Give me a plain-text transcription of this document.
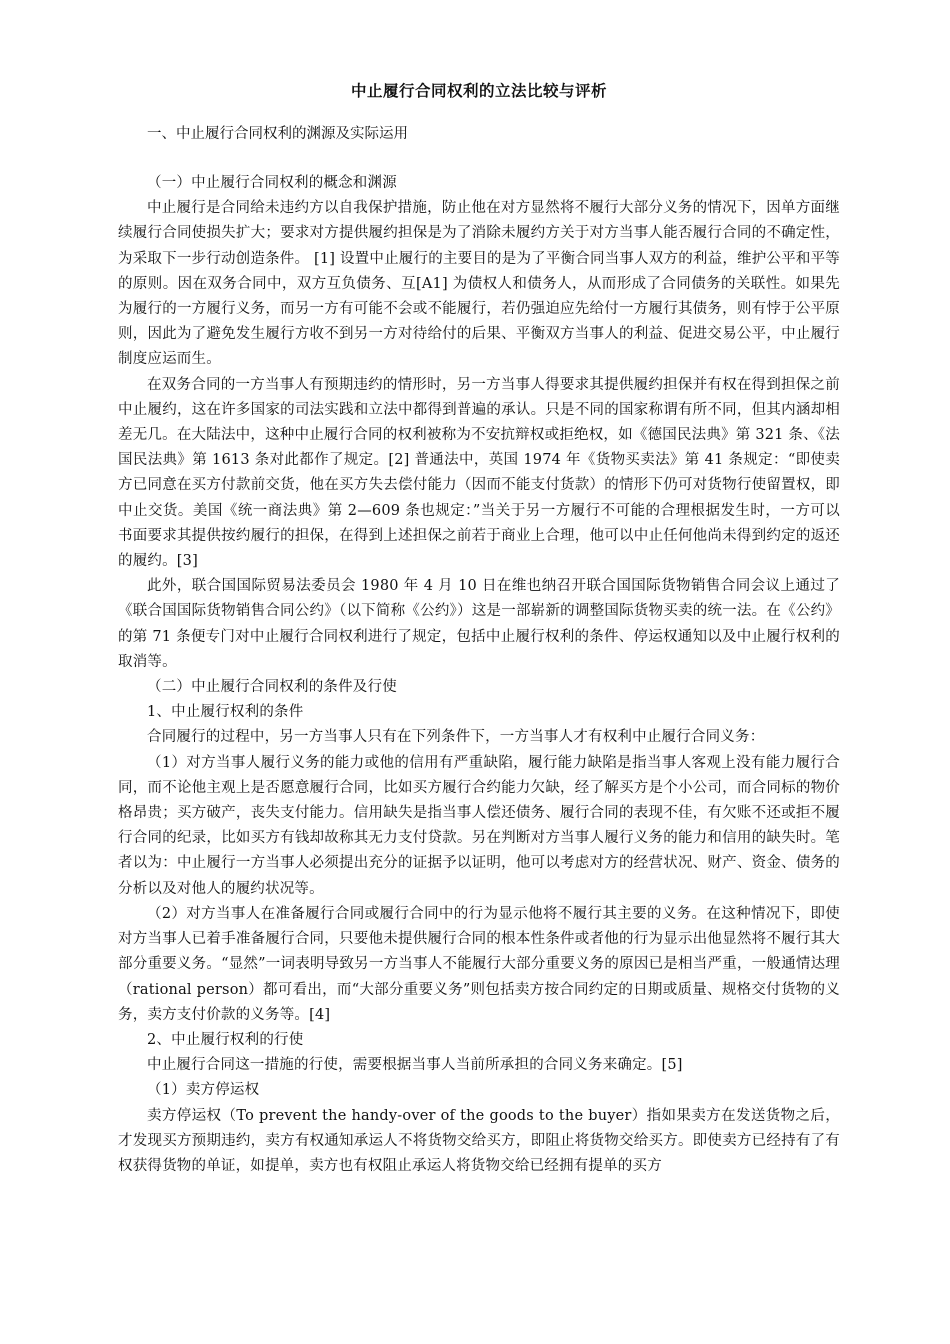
中止履行合同权利的立法比较与评析
一、中止履行合同权利的渊源及实际运用

（一）中止履行合同权利的概念和渊源

中止履行是合同给未违约方以自我保护措施，防止他在对方显然将不履行大部分义务的情况下，因单方面继续履行合同使损失扩大；要求对方提供履约担保是为了消除未履约方关于对方当事人能否履行合同的不确定性，为采取下一步行动创造条件。 [1] 设置中止履行的主要目的是为了平衡合同当事人双方的利益，维护公平和平等的原则。因在双务合同中，双方互负债务、互[A1] 为债权人和债务人，从而形成了合同债务的关联性。如果先为履行的一方履行义务，而另一方有可能不会或不能履行，若仍强迫应先给付一方履行其债务，则有悖于公平原则，因此为了避免发生履行方收不到另一方对待给付的后果、平衡双方当事人的利益、促进交易公平，中止履行制度应运而生。

在双务合同的一方当事人有预期违约的情形时，另一方当事人得要求其提供履约担保并有权在得到担保之前中止履约，这在许多国家的司法实践和立法中都得到普遍的承认。只是不同的国家称谓有所不同，但其内涵却相差无几。在大陆法中，这种中止履行合同的权利被称为不安抗辩权或拒绝权，如《德国民法典》第 321 条、《法国民法典》第 1613 条对此都作了规定。[2] 普通法中，英国 1974 年《货物买卖法》第 41 条规定：“即使卖方已同意在买方付款前交货，他在买方失去偿付能力（因而不能支付货款）的情形下仍可对货物行使留置权，即中止交货。美国《统一商法典》第 2—609 条也规定：”当关于另一方履行不可能的合理根据发生时，一方可以书面要求其提供按约履行的担保，在得到上述担保之前若于商业上合理，他可以中止任何他尚未得到约定的返还的履约。[3]

此外，联合国国际贸易法委员会 1980 年 4 月 10 日在维也纳召开联合国国际货物销售合同会议上通过了《联合国国际货物销售合同公约》（以下简称《公约》）这是一部崭新的调整国际货物买卖的统一法。在《公约》的第 71 条便专门对中止履行合同权利进行了规定，包括中止履行权利的条件、停运权通知以及中止履行权利的取消等。

（二）中止履行合同权利的条件及行使

1、中止履行权利的条件

合同履行的过程中，另一方当事人只有在下列条件下，一方当事人才有权利中止履行合同义务：

（1）对方当事人履行义务的能力或他的信用有严重缺陷，履行能力缺陷是指当事人客观上没有能力履行合同，而不论他主观上是否愿意履行合同，比如买方履行合约能力欠缺，经了解买方是个小公司，而合同标的物价格昂贵；买方破产，丧失支付能力。信用缺失是指当事人偿还债务、履行合同的表现不佳，有欠账不还或拒不履行合同的纪录，比如买方有钱却故称其无力支付贷款。另在判断对方当事人履行义务的能力和信用的缺失时。笔者以为：中止履行一方当事人必须提出充分的证据予以证明，他可以考虑对方的经营状况、财产、资金、债务的分析以及对他人的履约状况等。

（2）对方当事人在准备履行合同或履行合同中的行为显示他将不履行其主要的义务。在这种情况下，即使对方当事人已着手准备履行合同，只要他未提供履行合同的根本性条件或者他的行为显示出他显然将不履行其大部分重要义务。“显然”一词表明导致另一方当事人不能履行大部分重要义务的原因已是相当严重，一般通情达理（rational person）都可看出，而“大部分重要义务”则包括卖方按合同约定的日期或质量、规格交付货物的义务，卖方支付价款的义务等。[4]

2、中止履行权利的行使

中止履行合同这一措施的行使，需要根据当事人当前所承担的合同义务来确定。[5]

（1）卖方停运权

卖方停运权（To prevent the handy-over of the goods to the buyer）指如果卖方在发送货物之后，才发现买方预期违约，卖方有权通知承运人不将货物交给买方，即阻止将货物交给买方。即使卖方已经持有了有权获得货物的单证，如提单，卖方也有权阻止承运人将货物交给已经拥有提单的买方
